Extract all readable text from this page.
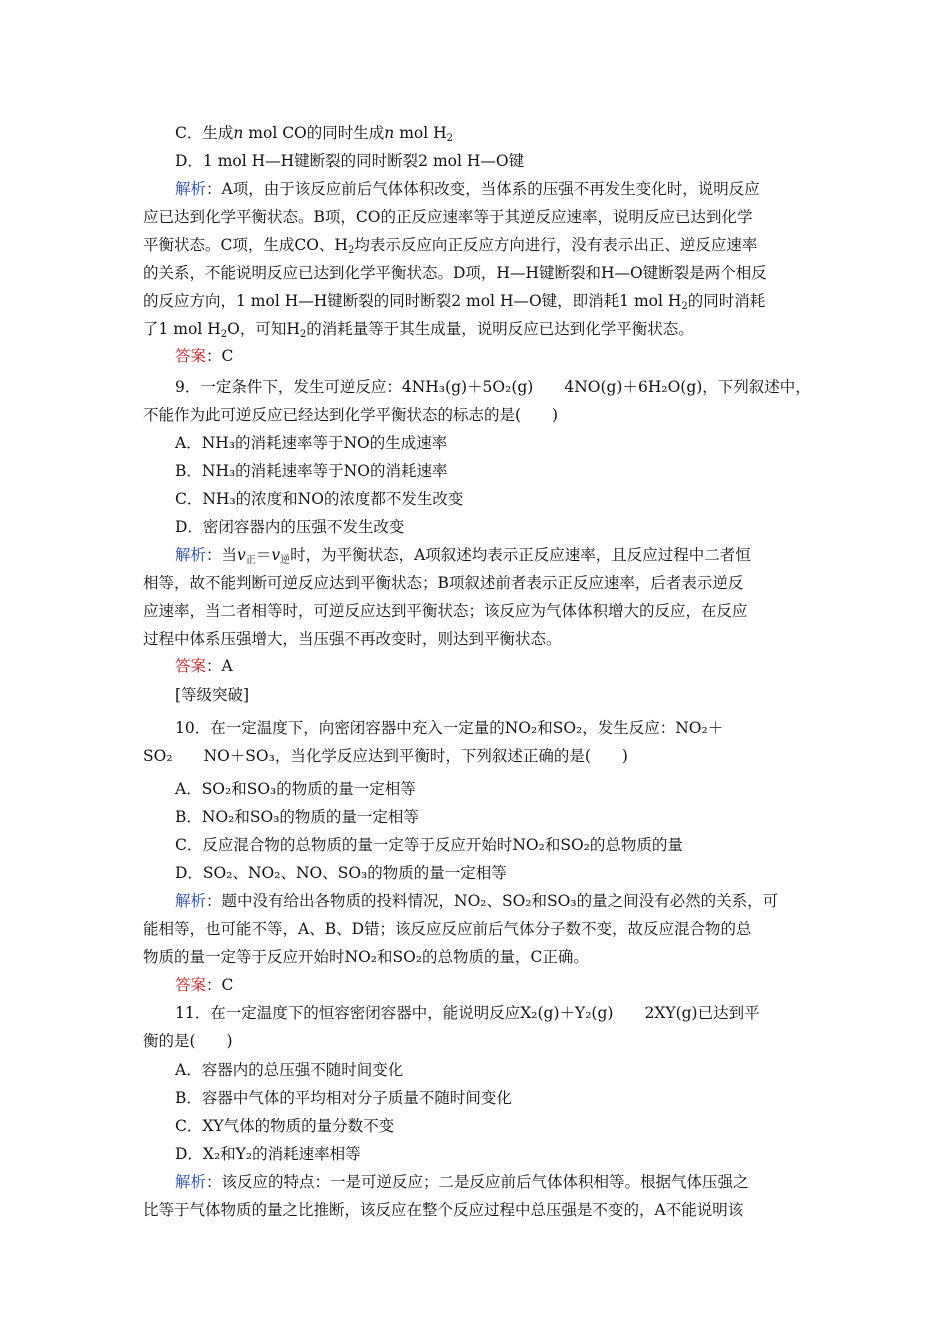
C．生成n mol CO的同时生成n mol $H_2$
D．1 mol H—H键断裂的同时断裂2 mol H—O键
解析：A项，由于该反应前后气体体积改变，当体系的压强不再发生变化时，说明反应
应已达到化学平衡状态。B项，CO的正反应速率等于其逆反应速率，说明反应已达到化学
平衡状态。C项，生成CO、$H_2$均表示反应向正反应方向进行，没有表示出正、逆反应速率
的关系，不能说明反应已达到化学平衡状态。D项，H—H键断裂和H—O键断裂是两个相反
的反应方向，1 mol H—H键断裂的同时断裂2 mol H—O键，即消耗1 mol $H_2$的同时消耗
了1 mol $H_2O$，可知$H_2$的消耗量等于其生成量，说明反应已达到化学平衡状态。
答案：C
9．一定条件下，发生可逆反应：4NH₃(g)＋5O₂(g)　　4NO(g)＋6H₂O(g)，下列叙述中，
不能作为此可逆反应已经达到化学平衡状态的标志的是(　　)
A．NH₃的消耗速率等于NO的生成速率
B．NH₃的消耗速率等于NO的消耗速率
C．NH₃的浓度和NO的浓度都不发生改变
D．密闭容器内的压强不发生改变
解析：当$v_正=v_逆$时，为平衡状态，A项叙述均表示正反应速率，且反应过程中二者恒
相等，故不能判断可逆反应达到平衡状态；B项叙述前者表示正反应速率，后者表示逆反
应速率，当二者相等时，可逆反应达到平衡状态；该反应为气体体积增大的反应，在反应
过程中体系压强增大，当压强不再改变时，则达到平衡状态。
答案：A
[等级突破]
10．在一定温度下，向密闭容器中充入一定量的NO₂和SO₂，发生反应：NO₂＋
SO₂　　NO＋SO₃，当化学反应达到平衡时，下列叙述正确的是(　　)
A．SO₂和SO₃的物质的量一定相等
B．NO₂和SO₃的物质的量一定相等
C．反应混合物的总物质的量一定等于反应开始时NO₂和SO₂的总物质的量
D．SO₂、NO₂、NO、SO₃的物质的量一定相等
解析：题中没有给出各物质的投料情况，NO₂、SO₂和SO₃的量之间没有必然的关系，可
能相等，也可能不等，A、B、D错；该反应反应前后气体分子数不变，故反应混合物的总
物质的量一定等于反应开始时NO₂和SO₂的总物质的量，C正确。
答案：C
11．在一定温度下的恒容密闭容器中，能说明反应X₂(g)＋Y₂(g)　　2XY(g)已达到平
衡的是(　　)
A．容器内的总压强不随时间变化
B．容器中气体的平均相对分子质量不随时间变化
C．XY气体的物质的量分数不变
D．X₂和Y₂的消耗速率相等
解析：该反应的特点：一是可逆反应；二是反应前后气体体积相等。根据气体压强之
比等于气体物质的量之比推断，该反应在整个反应过程中总压强是不变的，A不能说明该
